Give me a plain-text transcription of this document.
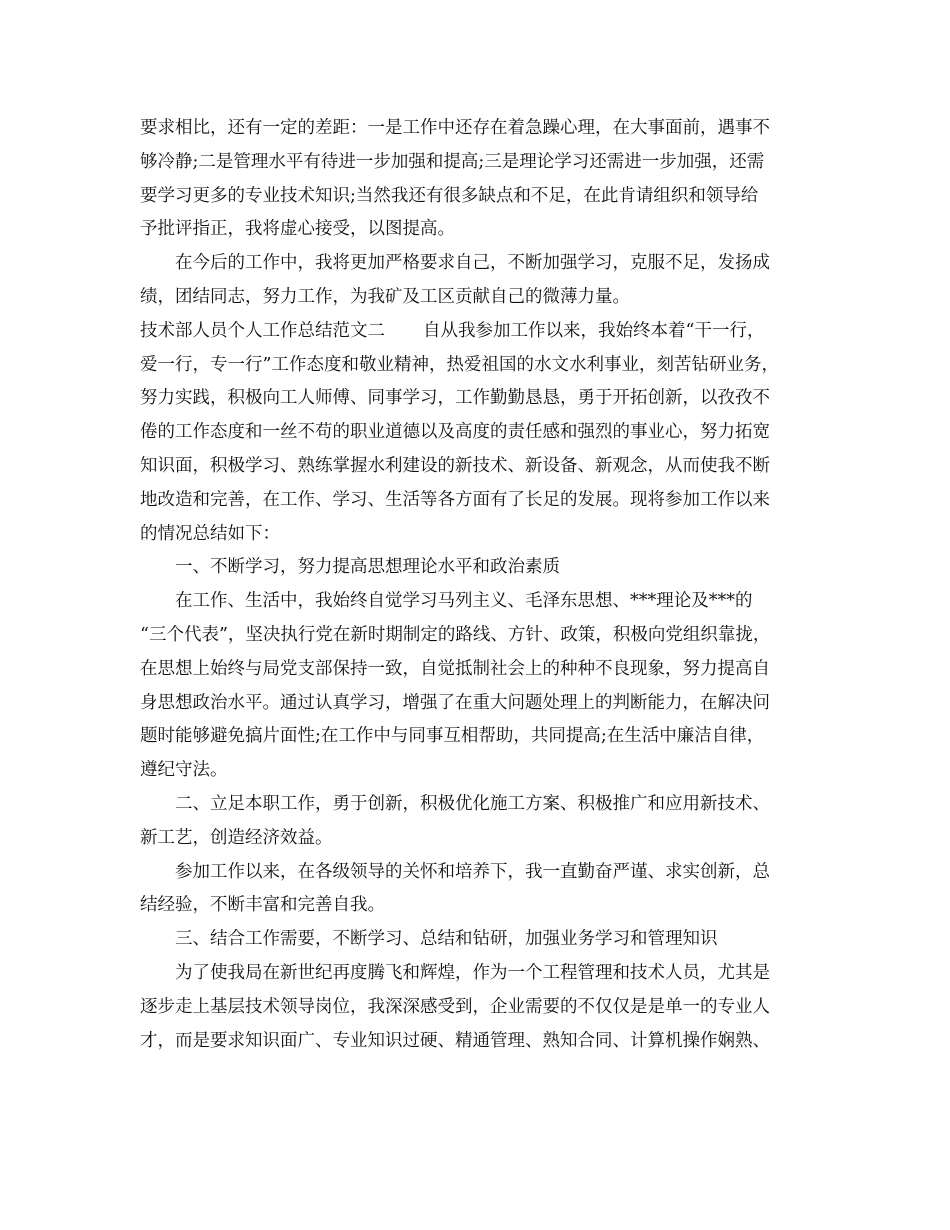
要求相比，还有一定的差距：一是工作中还存在着急躁心理，在大事面前，遇事不
够冷静;二是管理水平有待进一步加强和提高;三是理论学习还需进一步加强，还需
要学习更多的专业技术知识;当然我还有很多缺点和不足，在此肯请组织和领导给
予批评指正，我将虚心接受，以图提高。
在今后的工作中，我将更加严格要求自己，不断加强学习，克服不足，发扬成
绩，团结同志，努力工作，为我矿及工区贡献自己的微薄力量。
技术部人员个人工作总结范文二 自从我参加工作以来，我始终本着“干一行，
爱一行，专一行”工作态度和敬业精神，热爱祖国的水文水利事业，刻苦钻研业务，
努力实践，积极向工人师傅、同事学习，工作勤勤恳恳，勇于开拓创新，以孜孜不
倦的工作态度和一丝不苟的职业道德以及高度的责任感和强烈的事业心，努力拓宽
知识面，积极学习、熟练掌握水利建设的新技术、新设备、新观念，从而使我不断
地改造和完善，在工作、学习、生活等各方面有了长足的发展。现将参加工作以来
的情况总结如下：
一、不断学习，努力提高思想理论水平和政治素质
在工作、生活中，我始终自觉学习马列主义、毛泽东思想、***理论及***的
“三个代表”，坚决执行党在新时期制定的路线、方针、政策，积极向党组织靠拢，
在思想上始终与局党支部保持一致，自觉抵制社会上的种种不良现象，努力提高自
身思想政治水平。通过认真学习，增强了在重大问题处理上的判断能力，在解决问
题时能够避免搞片面性;在工作中与同事互相帮助，共同提高;在生活中廉洁自律，
遵纪守法。
二、立足本职工作，勇于创新，积极优化施工方案、积极推广和应用新技术、
新工艺，创造经济效益。
参加工作以来，在各级领导的关怀和培养下，我一直勤奋严谨、求实创新，总
结经验，不断丰富和完善自我。
三、结合工作需要，不断学习、总结和钻研，加强业务学习和管理知识
为了使我局在新世纪再度腾飞和辉煌，作为一个工程管理和技术人员，尤其是
逐步走上基层技术领导岗位，我深深感受到，企业需要的不仅仅是是单一的专业人
才，而是要求知识面广、专业知识过硬、精通管理、熟知合同、计算机操作娴熟、
